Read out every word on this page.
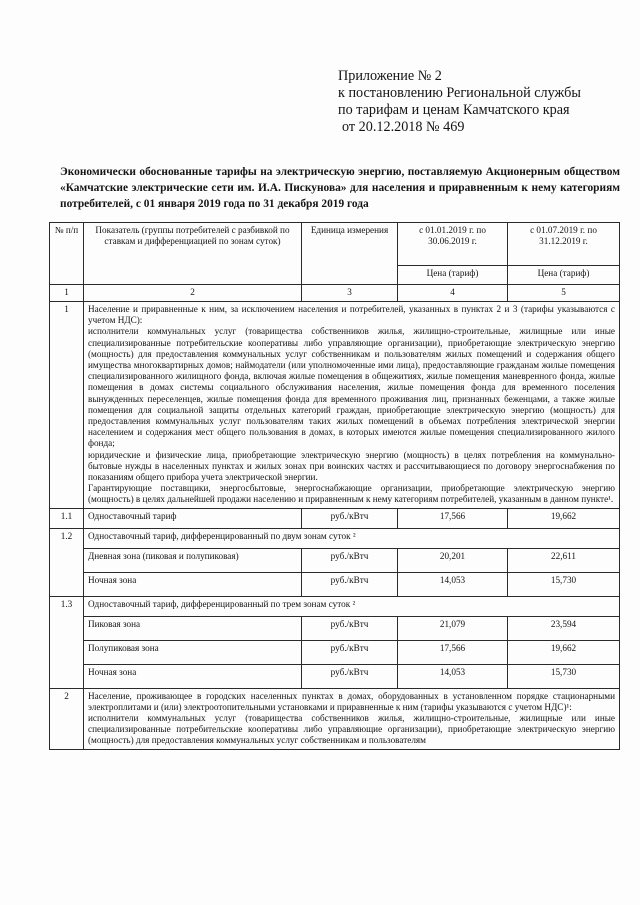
Приложение № 2
к постановлению Региональной службы
по тарифам и ценам Камчатского края
от 20.12.2018 № 469
Экономически обоснованные тарифы на электрическую энергию, поставляемую Акционерным обществом «Камчатские электрические сети им. И.А. Пискунова» для населения и приравненным к нему категориям потребителей, с 01 января 2019 года по 31 декабря 2019 года
№ п/п	Показатель (группы потребителей с разбивкой по ставкам и дифференциацией по зонам суток)	Единица измерения	с 01.01.2019 г. по 30.06.2019 г.	с 01.07.2019 г. по 31.12.2019 г.
			Цена (тариф)	Цена (тариф)
1	2	3	4	5
1	Население и приравненные к ним, за исключением населения и потребителей, указанных в пунктах 2 и 3 (тарифы указываются с учетом НДС):

исполнители коммунальных услуг (товарищества собственников жилья, жилищно-строительные, жилищные или иные специализированные потребительские кооперативы либо управляющие организации), приобретающие электрическую энергию (мощность) для предоставления коммунальных услуг собственникам и пользователям жилых помещений и содержания общего имущества многоквартирных домов; наймодатели (или уполномоченные ими лица), предоставляющие гражданам жилые помещения специализированного жилищного фонда, включая жилые помещения в общежитиях, жилые помещения маневренного фонда, жилые помещения в домах системы социального обслуживания населения, жилые помещения фонда для временного поселения вынужденных переселенцев, жилые помещения фонда для временного проживания лиц, признанных беженцами, а также жилые помещения для социальной защиты отдельных категорий граждан, приобретающие электрическую энергию (мощность) для предоставления коммунальных услуг пользователям таких жилых помещений в объемах потребления электрической энергии населением и содержания мест общего пользования в домах, в которых имеются жилые помещения специализированного жилого фонда;

юридические и физические лица, приобретающие электрическую энергию (мощность) в целях потребления на коммунально-бытовые нужды в населенных пунктах и жилых зонах при воинских частях и рассчитывающиеся по договору энергоснабжения по показаниям общего прибора учета электрической энергии.

Гарантирующие поставщики, энергосбытовые, энергоснабжающие организации, приобретающие электрическую энергию (мощность) в целях дальнейшей продажи населению и приравненным к нему категориям потребителей, указанным в данном пункте¹.			

1.1	Одноставочный тариф	руб./кВтч	17,566	19,662
1.2	Одноставочный тариф, дифференцированный по двум зонам суток ²			
	Дневная зона (пиковая и полупиковая)	руб./кВтч	20,201	22,611
	Ночная зона	руб./кВтч	14,053	15,730
1.3	Одноставочный тариф, дифференцированный по трем зонам суток ²			
	Пиковая зона	руб./кВтч	21,079	23,594
	Полупиковая зона	руб./кВтч	17,566	19,662
	Ночная зона	руб./кВтч	14,053	15,730
2	Население, проживающее в городских населенных пунктах в домах, оборудованных в установленном порядке стационарными электроплитами и (или) электроотопительными установками и приравненные к ним (тарифы указываются с учетом НДС)¹:

исполнители коммунальных услуг (товарищества собственников жилья, жилищно-строительные, жилищные или иные специализированные потребительские кооперативы либо управляющие организации), приобретающие электрическую энергию (мощность) для предоставления коммунальных услуг собственникам и пользователям			
